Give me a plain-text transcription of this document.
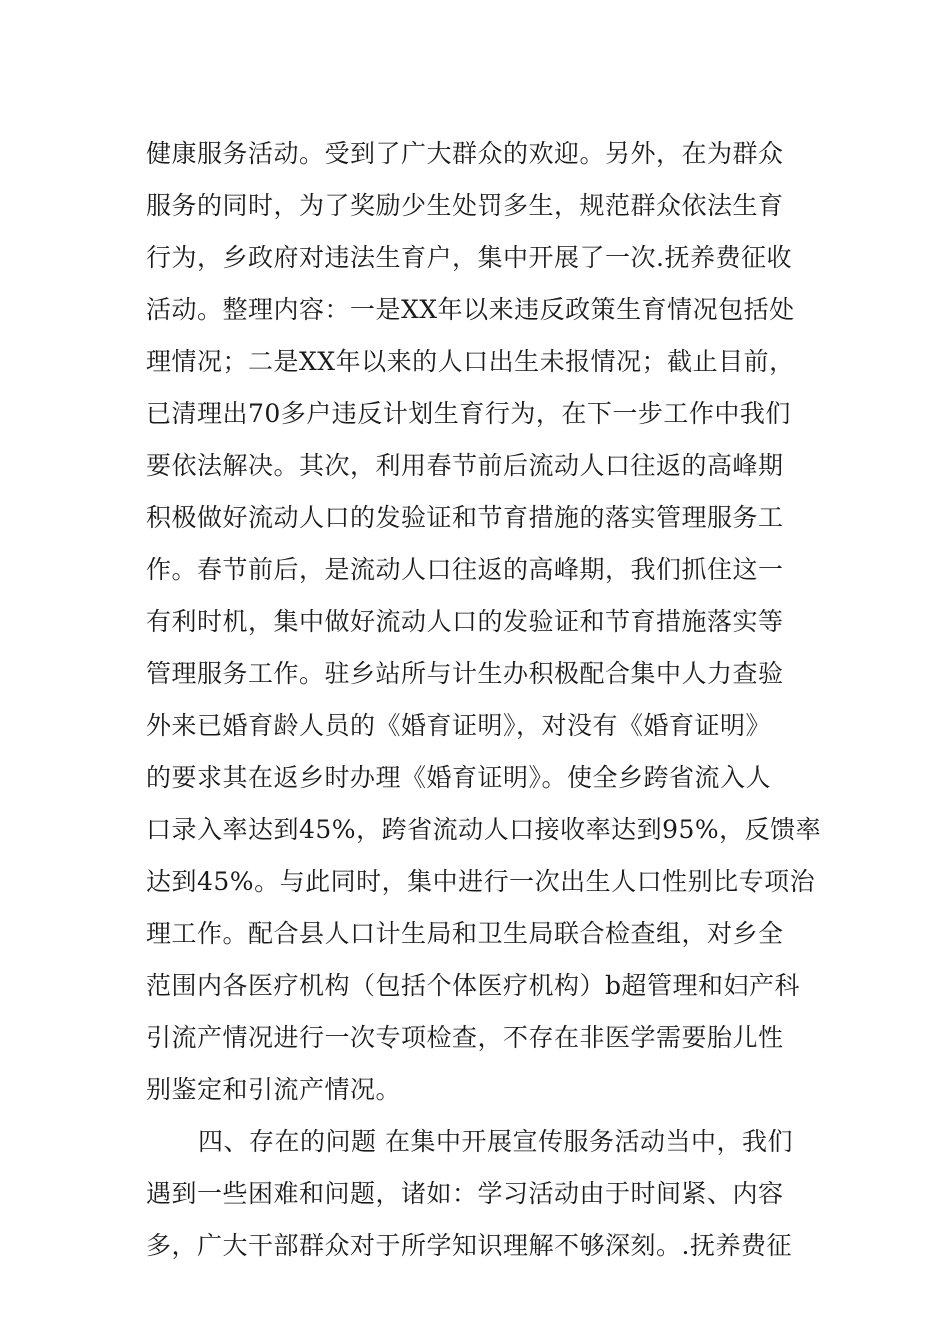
健康服务活动。受到了广大群众的欢迎。另外，在为群众
服务的同时，为了奖励少生处罚多生，规范群众依法生育
行为，乡政府对违法生育户，集中开展了一次.抚养费征收
活动。整理内容：一是XX年以来违反政策生育情况包括处
理情况；二是XX年以来的人口出生未报情况；截止目前，
已清理出70多户违反计划生育行为，在下一步工作中我们
要依法解决。其次，利用春节前后流动人口往返的高峰期
积极做好流动人口的发验证和节育措施的落实管理服务工
作。春节前后，是流动人口往返的高峰期，我们抓住这一
有利时机，集中做好流动人口的发验证和节育措施落实等
管理服务工作。驻乡站所与计生办积极配合集中人力查验
外来已婚育龄人员的《婚育证明》，对没有《婚育证明》
的要求其在返乡时办理《婚育证明》。使全乡跨省流入人
口录入率达到45%，跨省流动人口接收率达到95%，反馈率
达到45%。与此同时，集中进行一次出生人口性别比专项治
理工作。配合县人口计生局和卫生局联合检查组，对乡全
范围内各医疗机构（包括个体医疗机构）b超管理和妇产科
引流产情况进行一次专项检查，不存在非医学需要胎儿性
别鉴定和引流产情况。
四、存在的问题 在集中开展宣传服务活动当中，我们
遇到一些困难和问题，诸如：学习活动由于时间紧、内容
多，广大干部群众对于所学知识理解不够深刻。.抚养费征
